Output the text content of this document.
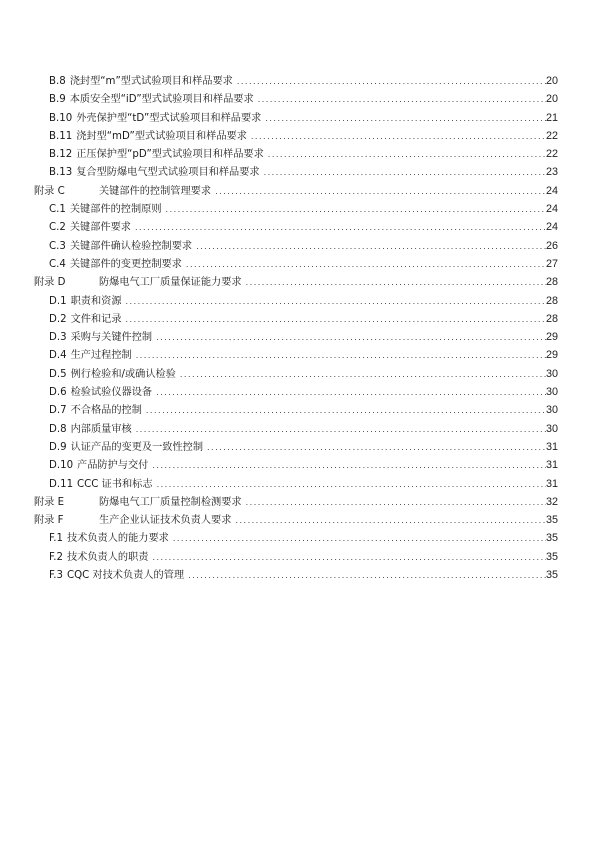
B.8 浇封型“m”型式试验项目和样品要求 .....	20
B.9 本质安全型“iD”型式试验项目和样品要求 .....	20
B.10 外壳保护型“tD”型式试验项目和样品要求 .....	21
B.11 浇封型“mD”型式试验项目和样品要求 .....	22
B.12 正压保护型“pD”型式试验项目和样品要求 .....	22
B.13 复合型防爆电气型式试验项目和样品要求 .....	23
附录 C	关键部件的控制管理要求 .....	24
C.1 关键部件的控制原则 .....	24
C.2 关键部件要求 .....	24
C.3 关键部件确认检验控制要求 .....	26
C.4 关键部件的变更控制要求 .....	27
附录 D	防爆电气工厂质量保证能力要求 .....	28
D.1 职责和资源 .....	28
D.2 文件和记录 .....	28
D.3 采购与关键件控制 .....	29
D.4 生产过程控制 .....	29
D.5 例行检验和/或确认检验 .....	30
D.6 检验试验仪器设备 .....	30
D.7 不合格品的控制 .....	30
D.8 内部质量审核 .....	30
D.9 认证产品的变更及一致性控制 .....	31
D.10 产品防护与交付 .....	31
D.11 CCC 证书和标志 .....	31
附录 E	防爆电气工厂质量控制检测要求 .....	32
附录 F	生产企业认证技术负责人要求 .....	35
F.1 技术负责人的能力要求 .....	35
F.2 技术负责人的职责 .....	35
F.3 CQC 对技术负责人的管理 .....	35
